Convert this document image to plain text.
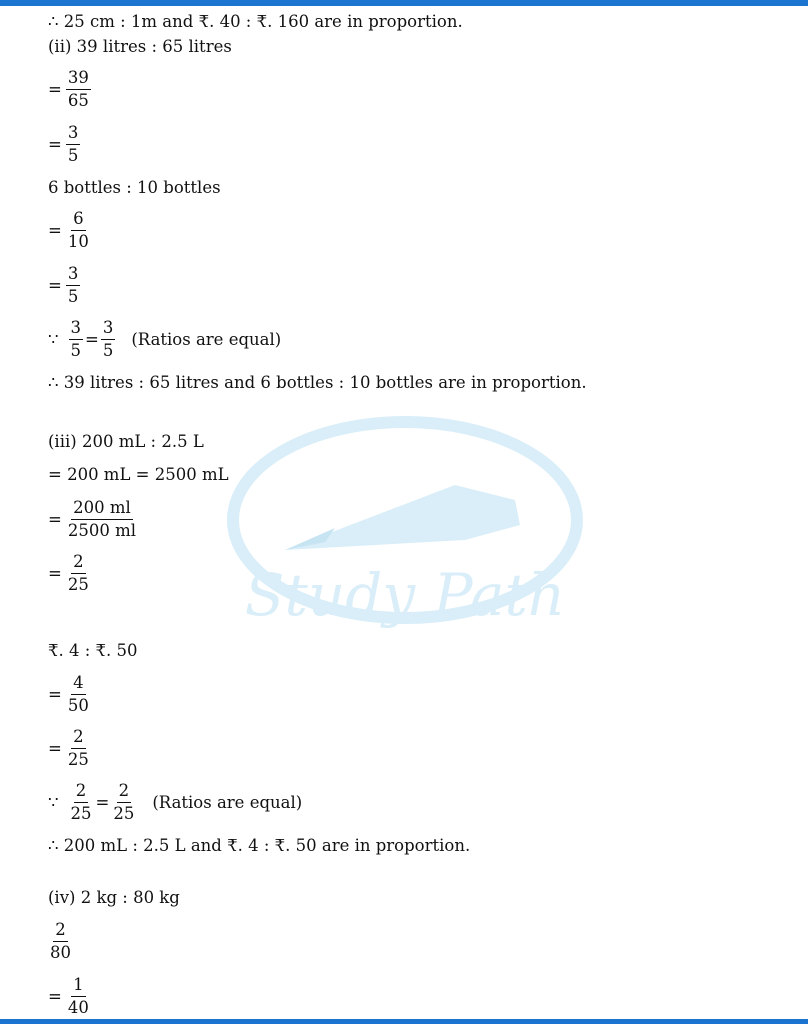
Study Path
∴ 25 cm : 1m and ₹. 40 : ₹. 160 are in proportion.
(ii) 39 litres : 65 litres
= $\frac{39}{65}$
= $\frac{3}{5}$
6 bottles : 10 bottles
= $\frac{6}{10}$
= $\frac{3}{5}$
∵ $\frac{3}{5} = \frac{3}{5}$ (Ratios are equal)
∴ 39 litres : 65 litres and 6 bottles : 10 bottles are in proportion.
(iii) 200 mL : 2.5 L
= 200 mL = 2500 mL
= $\frac{200 ml}{2500 ml}$
= $\frac{2}{25}$
₹. 4 : ₹. 50
= $\frac{4}{50}$
= $\frac{2}{25}$
∵ $\frac{2}{25} = \frac{2}{25}$ (Ratios are equal)
∴ 200 mL : 2.5 L and ₹. 4 : ₹. 50 are in proportion.
(iv) 2 kg : 80 kg
$\frac{2}{80}$
= $\frac{1}{40}$
